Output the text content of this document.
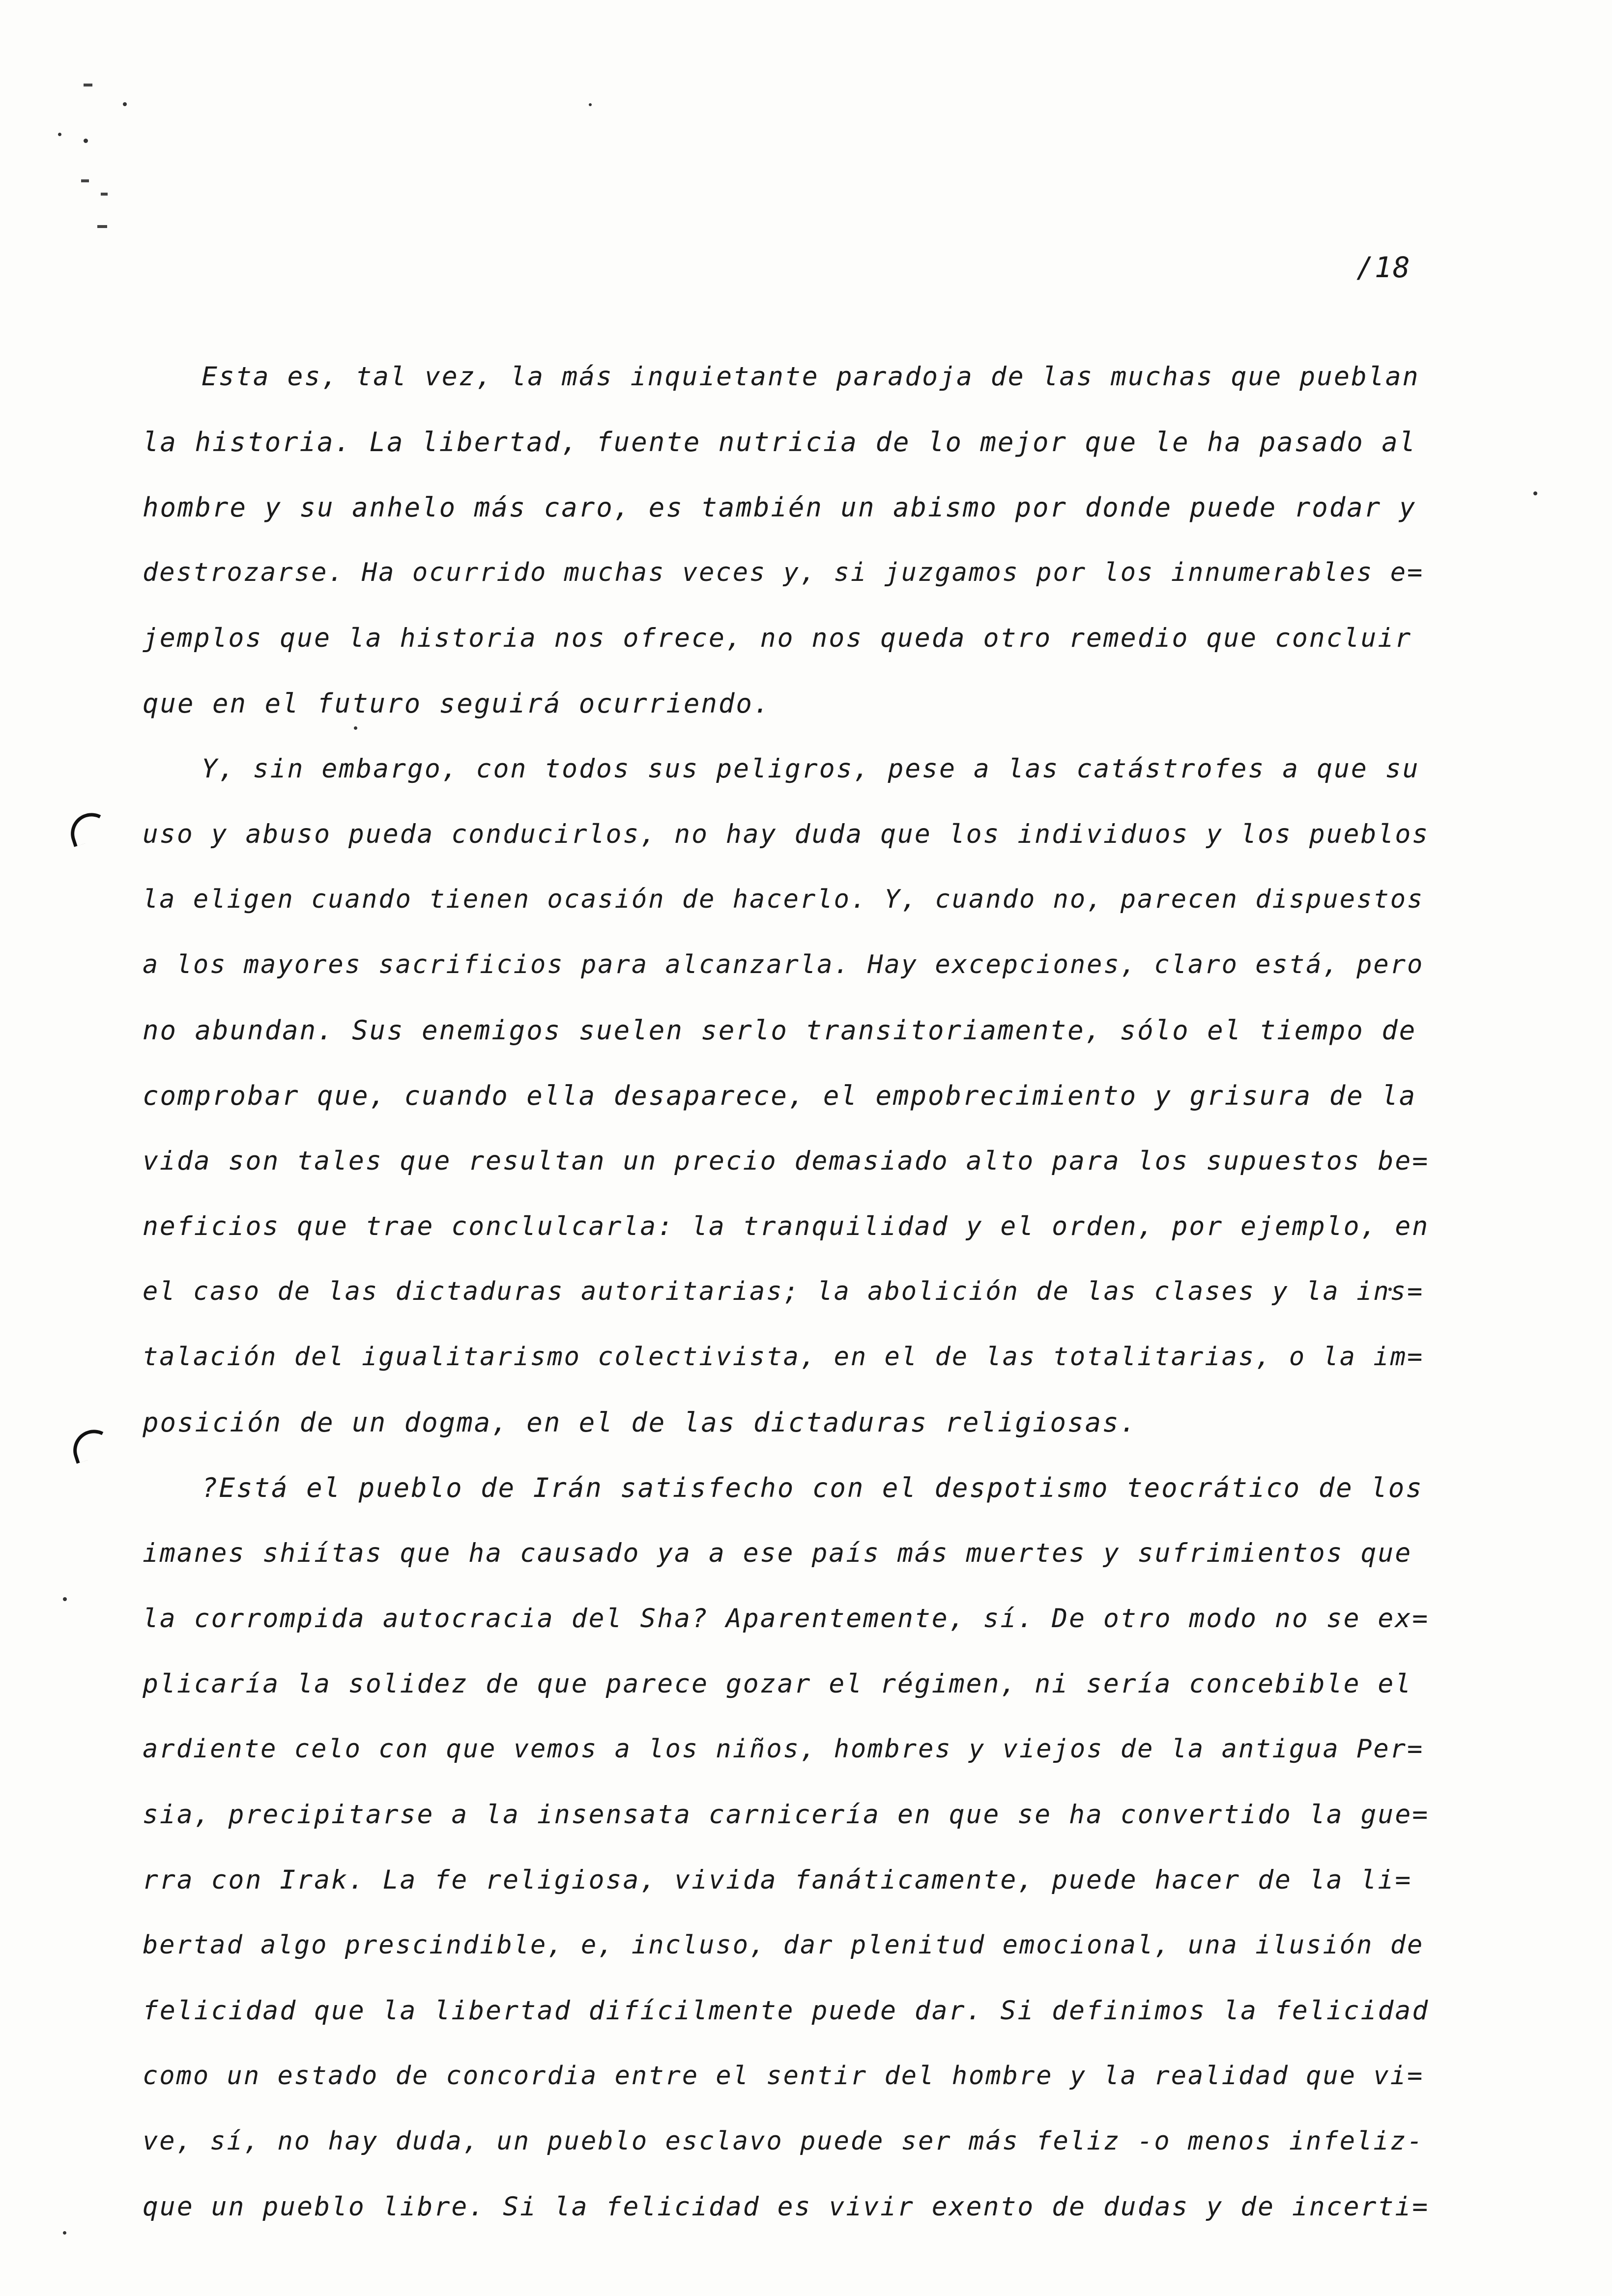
/18
Esta es, tal vez, la más inquietante paradoja de las muchas que pueblan
la historia. La libertad, fuente nutricia de lo mejor que le ha pasado al
hombre y su anhelo más caro, es también un abismo por donde puede rodar y
destrozarse. Ha ocurrido muchas veces y, si juzgamos por los innumerables e=
jemplos que la historia nos ofrece, no nos queda otro remedio que concluir
que en el futuro seguirá ocurriendo.
Y, sin embargo, con todos sus peligros, pese a las catástrofes a que su
uso y abuso pueda conducirlos, no hay duda que los individuos y los pueblos
la eligen cuando tienen ocasión de hacerlo. Y, cuando no, parecen dispuestos
a los mayores sacrificios para alcanzarla. Hay excepciones, claro está, pero
no abundan. Sus enemigos suelen serlo transitoriamente, sólo el tiempo de
comprobar que, cuando ella desaparece, el empobrecimiento y grisura de la
vida son tales que resultan un precio demasiado alto para los supuestos be=
neficios que trae conclulcarla: la tranquilidad y el orden, por ejemplo, en
el caso de las dictaduras autoritarias; la abolición de las clases y la ins=
talación del igualitarismo colectivista, en el de las totalitarias, o la im=
posición de un dogma, en el de las dictaduras religiosas.
?Está el pueblo de Irán satisfecho con el despotismo teocrático de los
imanes shiítas que ha causado ya a ese país más muertes y sufrimientos que
la corrompida autocracia del Sha? Aparentemente, sí. De otro modo no se ex=
plicaría la solidez de que parece gozar el régimen, ni sería concebible el
ardiente celo con que vemos a los niños, hombres y viejos de la antigua Per=
sia, precipitarse a la insensata carnicería en que se ha convertido la gue=
rra con Irak. La fe religiosa, vivida fanáticamente, puede hacer de la li=
bertad algo prescindible, e, incluso, dar plenitud emocional, una ilusión de
felicidad que la libertad difícilmente puede dar. Si definimos la felicidad
como un estado de concordia entre el sentir del hombre y la realidad que vi=
ve, sí, no hay duda, un pueblo esclavo puede ser más feliz -o menos infeliz-
que un pueblo libre. Si la felicidad es vivir exento de dudas y de incerti=
